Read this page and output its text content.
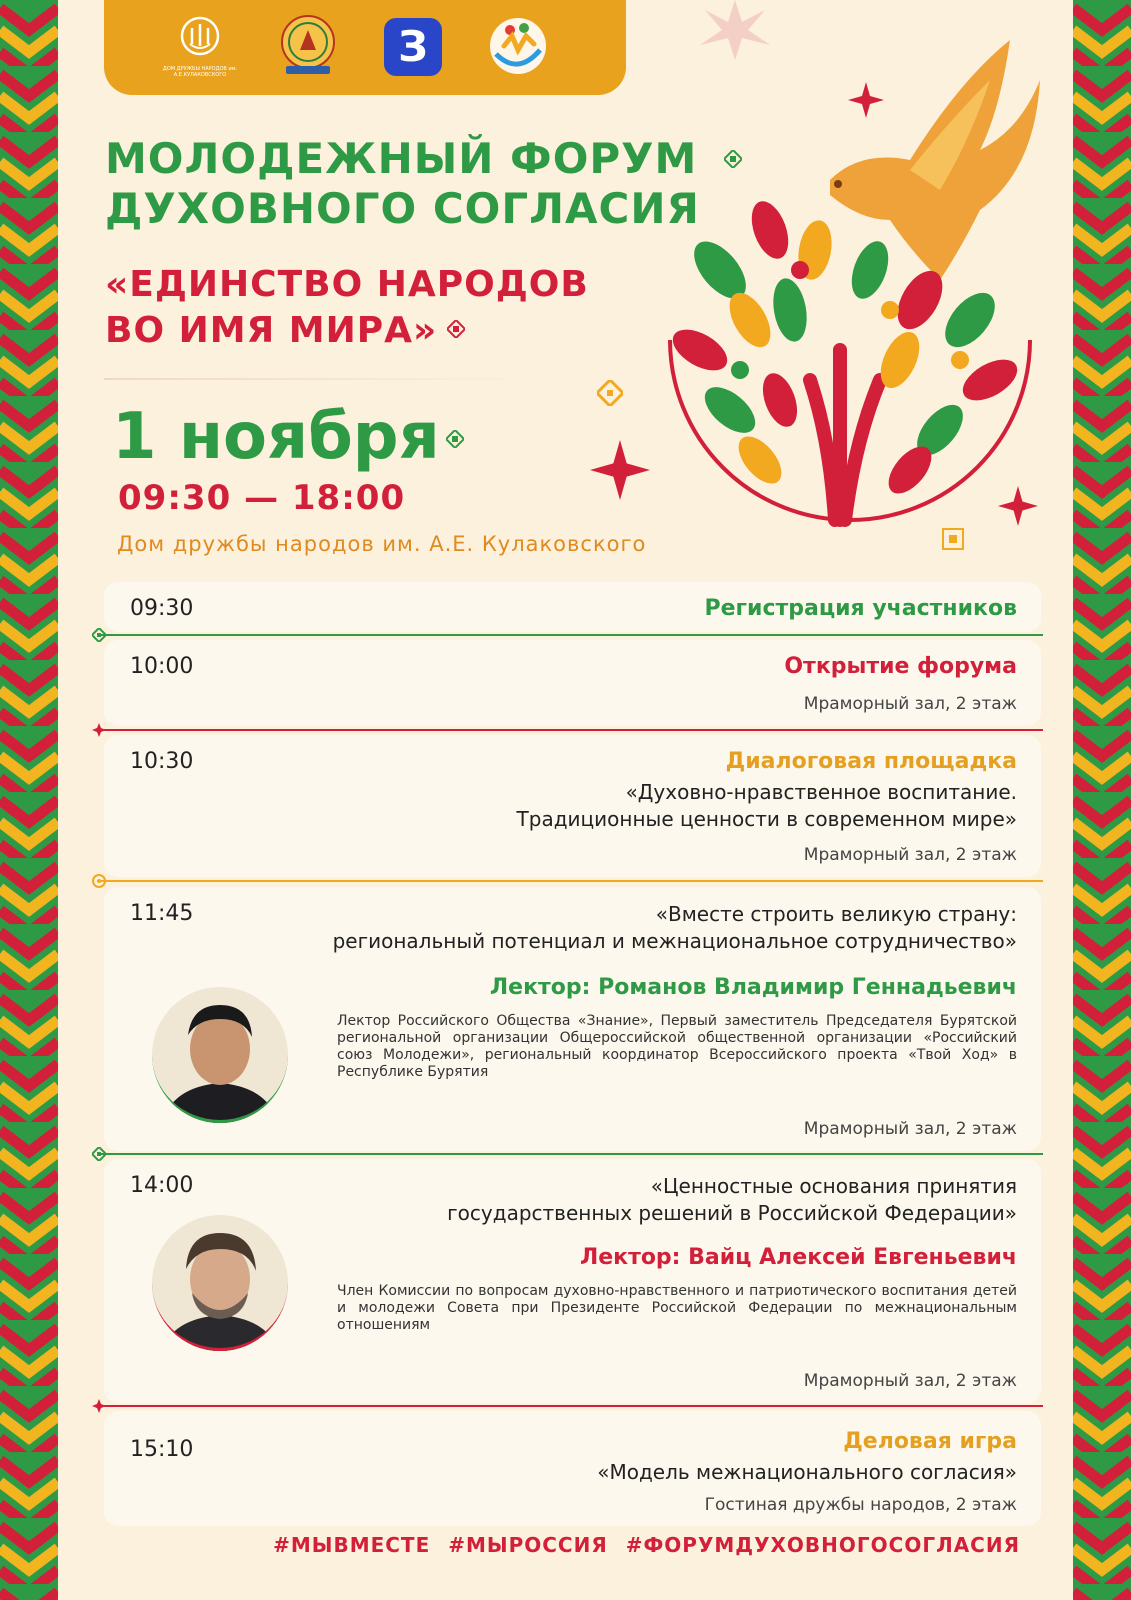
ДОМ ДРУЖБЫ НАРОДОВ им. А.Е.КУЛАКОВСКОГО
З
МОЛОДЕЖНЫЙ ФОРУМ
ДУХОВНОГО СОГЛАСИЯ
«ЕДИНСТВО НАРОДОВ
ВО ИМЯ МИРА»
1 ноября
09:30 — 18:00
Дом дружбы народов им. А.Е. Кулаковского
09:30	Регистрация участников
10:00	Открытие форума
Мраморный зал, 2 этаж
10:30	Диалоговая площадка
«Духовно-нравственное воспитание.
Традиционные ценности в современном мире»
Мраморный зал, 2 этаж
11:45	«Вместе строить великую страну:
региональный потенциал и межнациональное сотрудничество»
Лектор: Романов Владимир Геннадьевич
Лектор Российского Общества «Знание», Первый заместитель Председателя Бурятской региональной организации Общероссийской общественной организации «Российский союз Молодежи», региональный координатор Всероссийского проекта «Твой Ход» в Республике Бурятия
Мраморный зал, 2 этаж
14:00	«Ценностные основания принятия
государственных решений в Российской Федерации»
Лектор: Вайц Алексей Евгеньевич
Член Комиссии по вопросам духовно-нравственного и патриотического воспитания детей и молодежи Совета при Президенте Российской Федерации по межнациональным отношениям
Мраморный зал, 2 этаж
15:10	Деловая игра
«Модель межнационального согласия»
Гостиная дружбы народов, 2 этаж
#МЫВМЕСТЕ #МЫРОССИЯ #ФОРУМДУХОВНОГОСОГЛАСИЯ
